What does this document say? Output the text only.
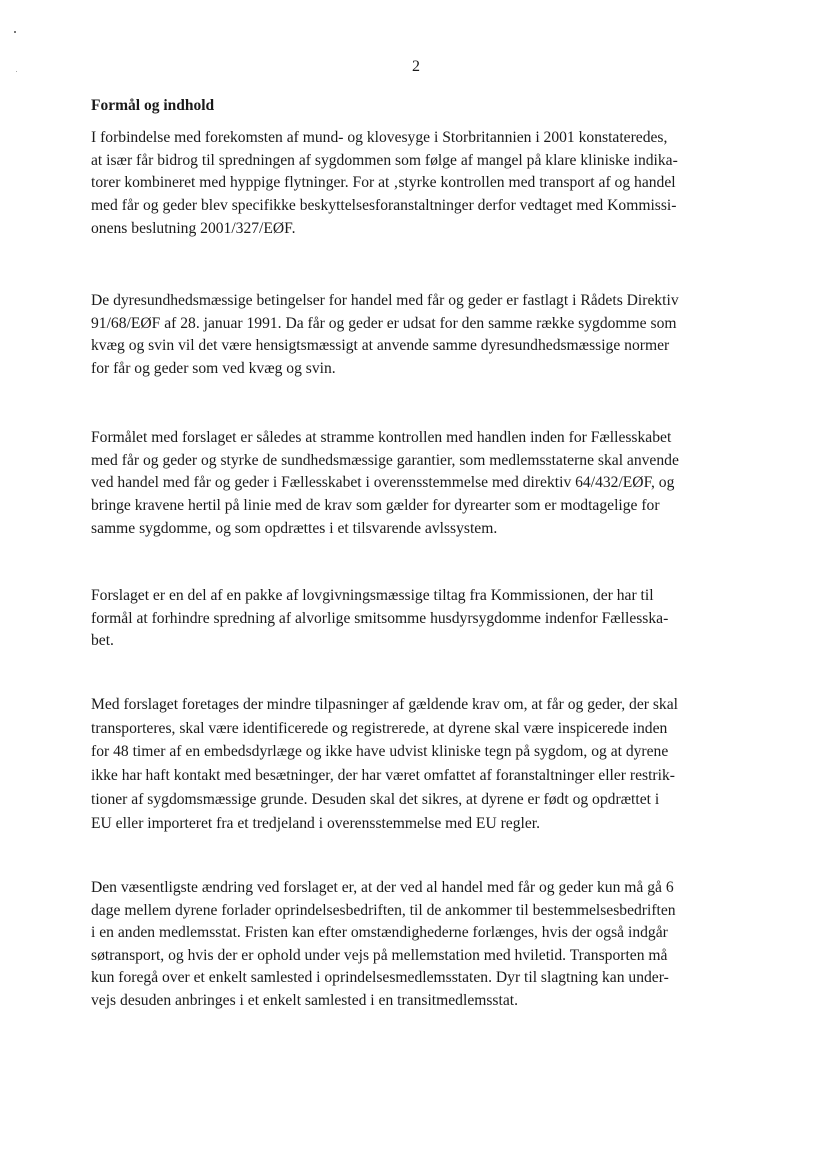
2
Formål og indhold

I forbindelse med forekomsten af mund- og klovesyge i Storbritannien i 2001 konstateredes,
at især får bidrog til spredningen af sygdommen som følge af mangel på klare kliniske indika-
torer kombineret med hyppige flytninger. For at ‚styrke kontrollen med transport af og handel
med får og geder blev specifikke beskyttelsesforanstaltninger derfor vedtaget med Kommissi-
onens beslutning 2001/327/EØF.

De dyresundhedsmæssige betingelser for handel med får og geder er fastlagt i Rådets Direktiv
91/68/EØF af 28. januar 1991. Da får og geder er udsat for den samme række sygdomme som
kvæg og svin vil det være hensigtsmæssigt at anvende samme dyresundhedsmæssige normer
for får og geder som ved kvæg og svin.

Formålet med forslaget er således at stramme kontrollen med handlen inden for Fællesskabet
med får og geder og styrke de sundhedsmæssige garantier, som medlemsstaterne skal anvende
ved handel med får og geder i Fællesskabet i overensstemmelse med direktiv 64/432/EØF, og
bringe kravene hertil på linie med de krav som gælder for dyrearter som er modtagelige for
samme sygdomme, og som opdrættes i et tilsvarende avlssystem.

Forslaget er en del af en pakke af lovgivningsmæssige tiltag fra Kommissionen, der har til
formål at forhindre spredning af alvorlige smitsomme husdyrsygdomme indenfor Fællesska-
bet.

Med forslaget foretages der mindre tilpasninger af gældende krav om, at får og geder, der skal
transporteres, skal være identificerede og registrerede, at dyrene skal være inspicerede inden
for 48 timer af en embedsdyrlæge og ikke have udvist kliniske tegn på sygdom, og at dyrene
ikke har haft kontakt med besætninger, der har været omfattet af foranstaltninger eller restrik-
tioner af sygdomsmæssige grunde. Desuden skal det sikres, at dyrene er født og opdrættet i
EU eller importeret fra et tredjeland i overensstemmelse med EU regler.

Den væsentligste ændring ved forslaget er, at der ved al handel med får og geder kun må gå 6
dage mellem dyrene forlader oprindelsesbedriften, til de ankommer til bestemmelsesbedriften
i en anden medlemsstat. Fristen kan efter omstændighederne forlænges, hvis der også indgår
søtransport, og hvis der er ophold under vejs på mellemstation med hviletid. Transporten må
kun foregå over et enkelt samlested i oprindelsesmedlemsstaten. Dyr til slagtning kan under-
vejs desuden anbringes i et enkelt samlested i en transitmedlemsstat.
